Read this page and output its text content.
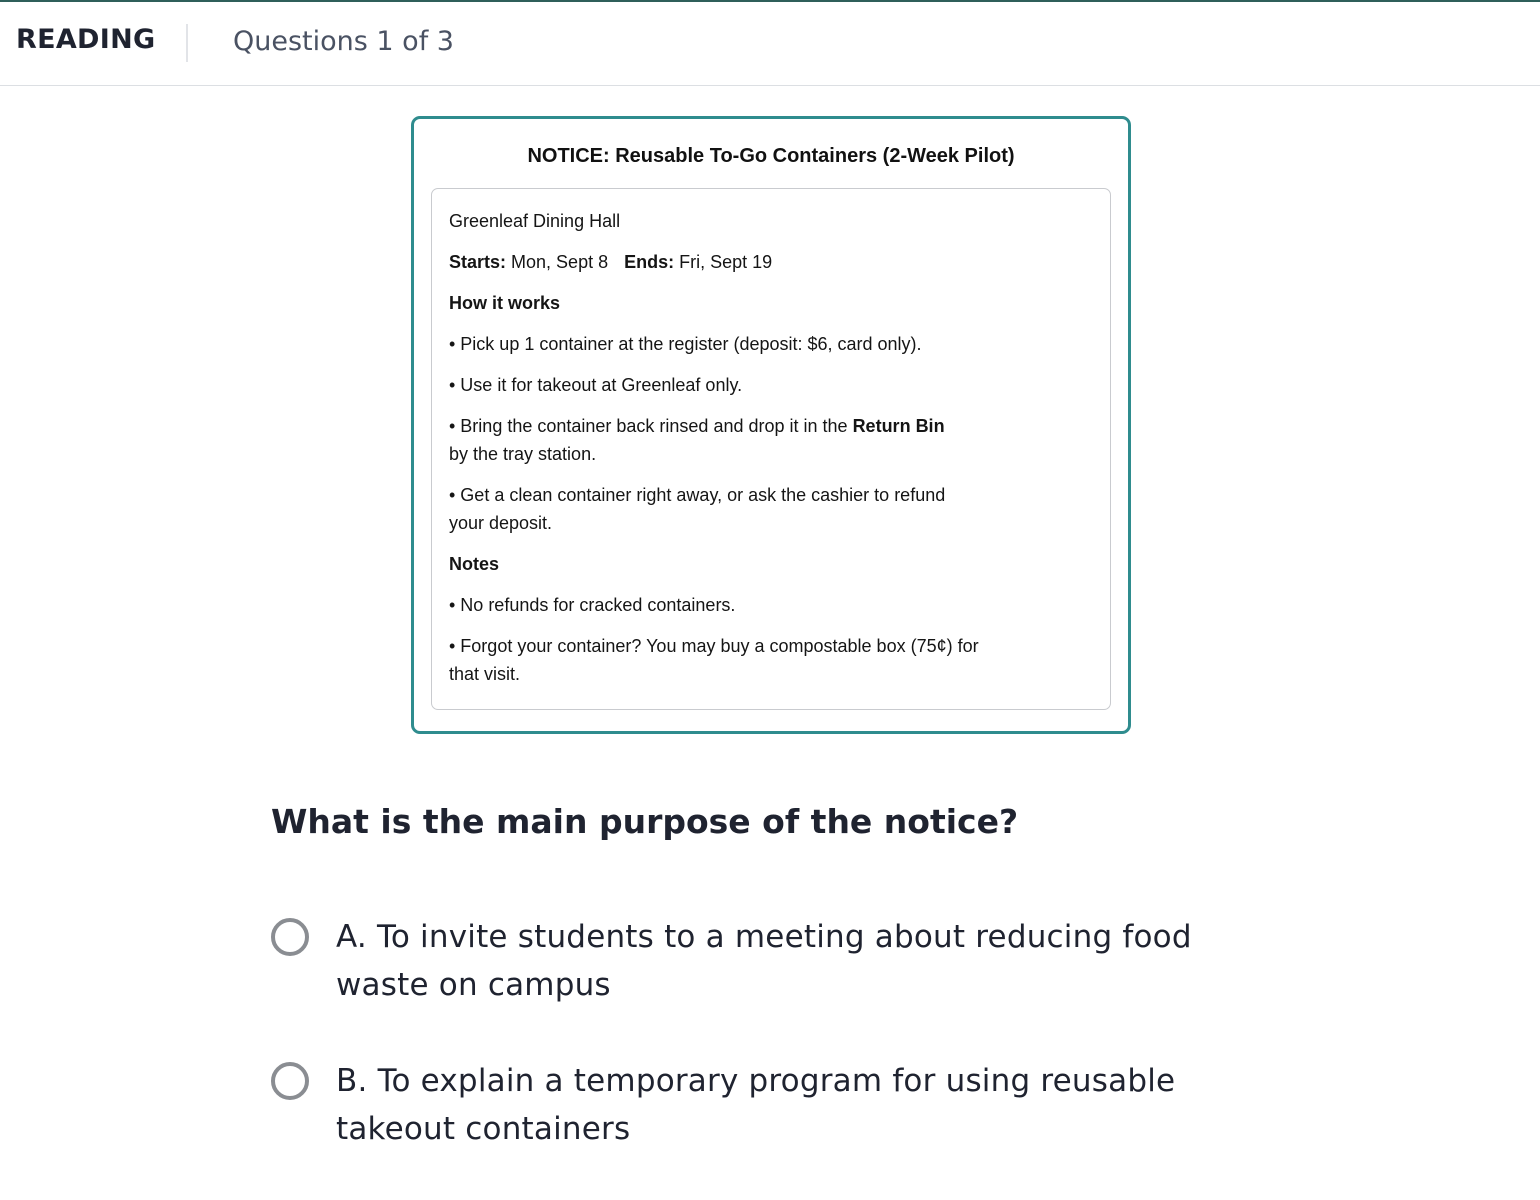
READING	Questions 1 of 3
NOTICE: Reusable To-Go Containers (2-Week Pilot)

Greenleaf Dining Hall

Starts: Mon, Sept 8 Ends: Fri, Sept 19

How it works

• Pick up 1 container at the register (deposit: $6, card only).

• Use it for takeout at Greenleaf only.

• Bring the container back rinsed and drop it in the Return Bin
by the tray station.

• Get a clean container right away, or ask the cashier to refund your deposit.

Notes

• No refunds for cracked containers.

• Forgot your container? You may buy a compostable box (75¢) for that visit.

What is the main purpose of the notice?
A. To invite students to a meeting about reducing food waste on campus
B. To explain a temporary program for using reusable takeout containers
